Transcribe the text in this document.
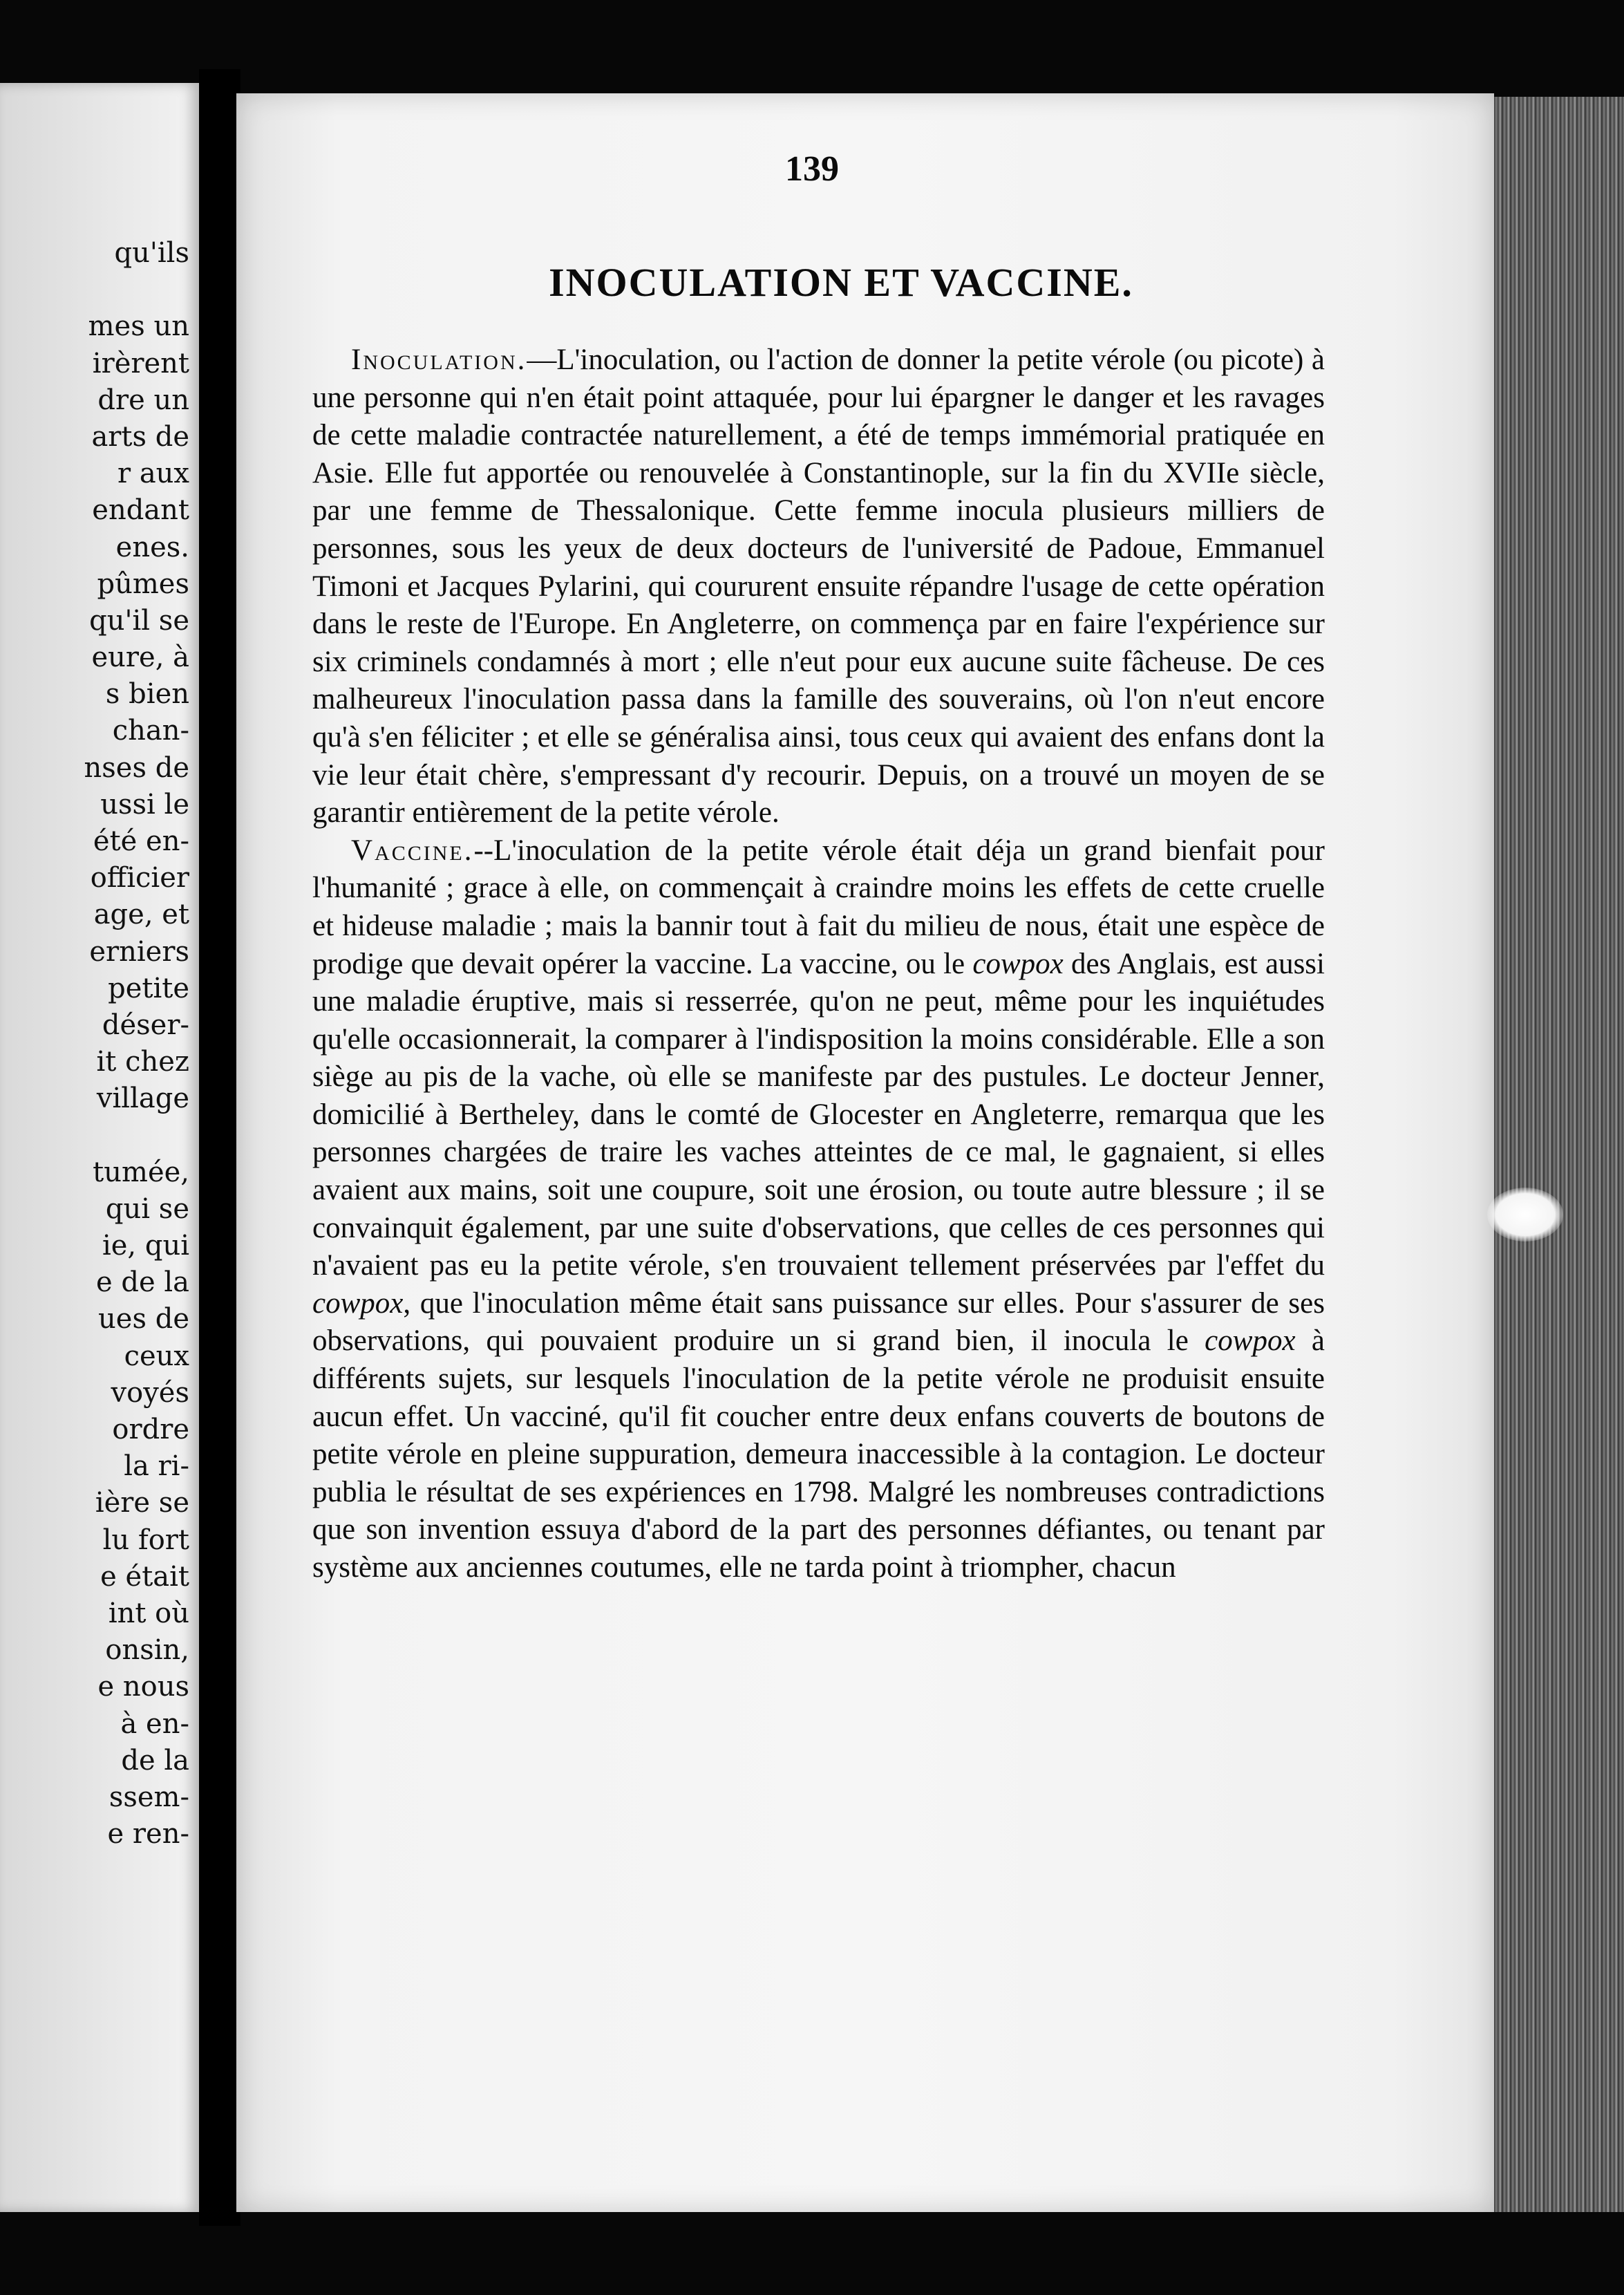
qu'ils
mes un
irèrent
dre un
arts de
r aux
endant
enes.
pûmes
qu'il se
eure, à
s bien
chan-
nses de
ussi le
été en-
officier
age, et
erniers
petite
déser-
it chez
village
tumée,
qui se
ie, qui
e de la
ues de
ceux
voyés
ordre
la ri-
ière se
lu fort
e était
int où
onsin,
e nous
à en-
de la
ssem-
e ren-
139
INOCULATION ET VACCINE.

Inoculation.—L'inoculation, ou l'action de donner la petite vérole (ou picote) à une personne qui n'en était point attaquée, pour lui épargner le danger et les ravages de cette maladie contractée naturellement, a été de temps immémorial pratiquée en Asie. Elle fut apportée ou renouvelée à Constantinople, sur la fin du XVIIe siècle, par une femme de Thessalonique. Cette femme inocula plusieurs milliers de personnes, sous les yeux de deux docteurs de l'université de Padoue, Emmanuel Timoni et Jacques Pylarini, qui coururent ensuite répandre l'usage de cette opération dans le reste de l'Europe. En Angleterre, on commença par en faire l'expérience sur six criminels condamnés à mort ; elle n'eut pour eux aucune suite fâcheuse. De ces malheureux l'inoculation passa dans la famille des souverains, où l'on n'eut encore qu'à s'en féliciter ; et elle se généralisa ainsi, tous ceux qui avaient des enfans dont la vie leur était chère, s'empressant d'y recourir. Depuis, on a trouvé un moyen de se garantir entièrement de la petite vérole.

Vaccine.--L'inoculation de la petite vérole était déja un grand bienfait pour l'humanité ; grace à elle, on commençait à craindre moins les effets de cette cruelle et hideuse maladie ; mais la bannir tout à fait du milieu de nous, était une espèce de prodige que devait opérer la vaccine. La vaccine, ou le cowpox des Anglais, est aussi une maladie éruptive, mais si resserrée, qu'on ne peut, même pour les inquiétudes qu'elle occasionnerait, la comparer à l'indisposition la moins considérable. Elle a son siège au pis de la vache, où elle se manifeste par des pustules. Le docteur Jenner, domicilié à Bertheley, dans le comté de Glocester en Angleterre, remarqua que les personnes chargées de traire les vaches atteintes de ce mal, le gagnaient, si elles avaient aux mains, soit une coupure, soit une érosion, ou toute autre blessure ; il se convainquit également, par une suite d'observations, que celles de ces personnes qui n'avaient pas eu la petite vérole, s'en trouvaient tellement préservées par l'effet du cowpox, que l'inoculation même était sans puissance sur elles. Pour s'assurer de ses observations, qui pouvaient produire un si grand bien, il inocula le cowpox à différents sujets, sur lesquels l'inoculation de la petite vérole ne produisit ensuite aucun effet. Un vacciné, qu'il fit coucher entre deux enfans couverts de boutons de petite vérole en pleine suppuration, demeura inaccessible à la contagion. Le docteur publia le résultat de ses expériences en 1798. Malgré les nombreuses contradictions que son invention essuya d'abord de la part des personnes défiantes, ou tenant par système aux anciennes coutumes, elle ne tarda point à triompher, chacun
